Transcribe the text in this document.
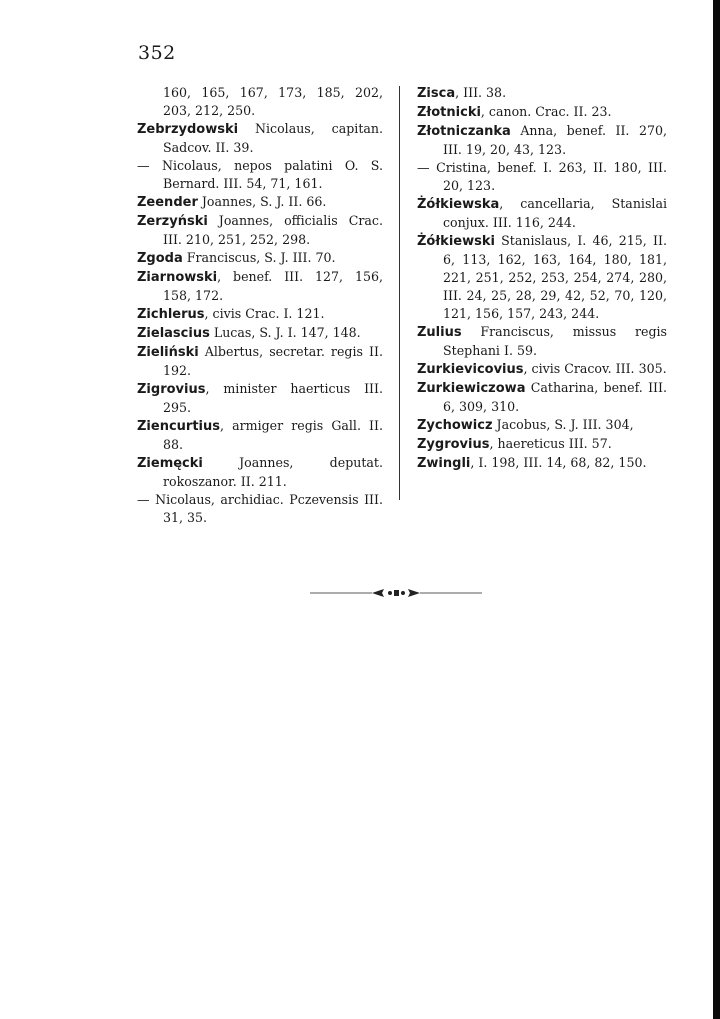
352

160, 165, 167, 173, 185, 202, 203, 212, 250.

Zebrzydowski Nicolaus, capitan. Sadcov. II. 39.

— Nicolaus, nepos palatini O. S. Bernard. III. 54, 71, 161.

Zeender Joannes, S. J. II. 66.

Zerzyński Joannes, officialis Crac. III. 210, 251, 252, 298.

Zgoda Franciscus, S. J. III. 70.

Ziarnowski, benef. III. 127, 156, 158, 172.

Zichlerus, civis Crac. I. 121.

Zielascius Lucas, S. J. I. 147, 148.

Zieliński Albertus, secretar. regis II. 192.

Zigrovius, minister haerticus III. 295.

Ziencurtius, armiger regis Gall. II. 88.

Ziemęcki Joannes, deputat. rokoszanor. II. 211.

— Nicolaus, archidiac. Pczevensis III. 31, 35.

Zisca, III. 38.

Złotnicki, canon. Crac. II. 23.

Złotniczanka Anna, benef. II. 270, III. 19, 20, 43, 123.

— Cristina, benef. I. 263, II. 180, III. 20, 123.

Żółkiewska, cancellaria, Stanislai conjux. III. 116, 244.

Żółkiewski Stanislaus, I. 46, 215, II. 6, 113, 162, 163, 164, 180, 181, 221, 251, 252, 253, 254, 274, 280, III. 24, 25, 28, 29, 42, 52, 70, 120, 121, 156, 157, 243, 244.

Zulius Franciscus, missus regis Stephani I. 59.

Zurkievicovius, civis Cracov. III. 305.

Zurkiewiczowa Catharina, benef. III. 6, 309, 310.

Zychowicz Jacobus, S. J. III. 304,

Zygrovius, haereticus III. 57.

Zwingli, I. 198, III. 14, 68, 82, 150.
